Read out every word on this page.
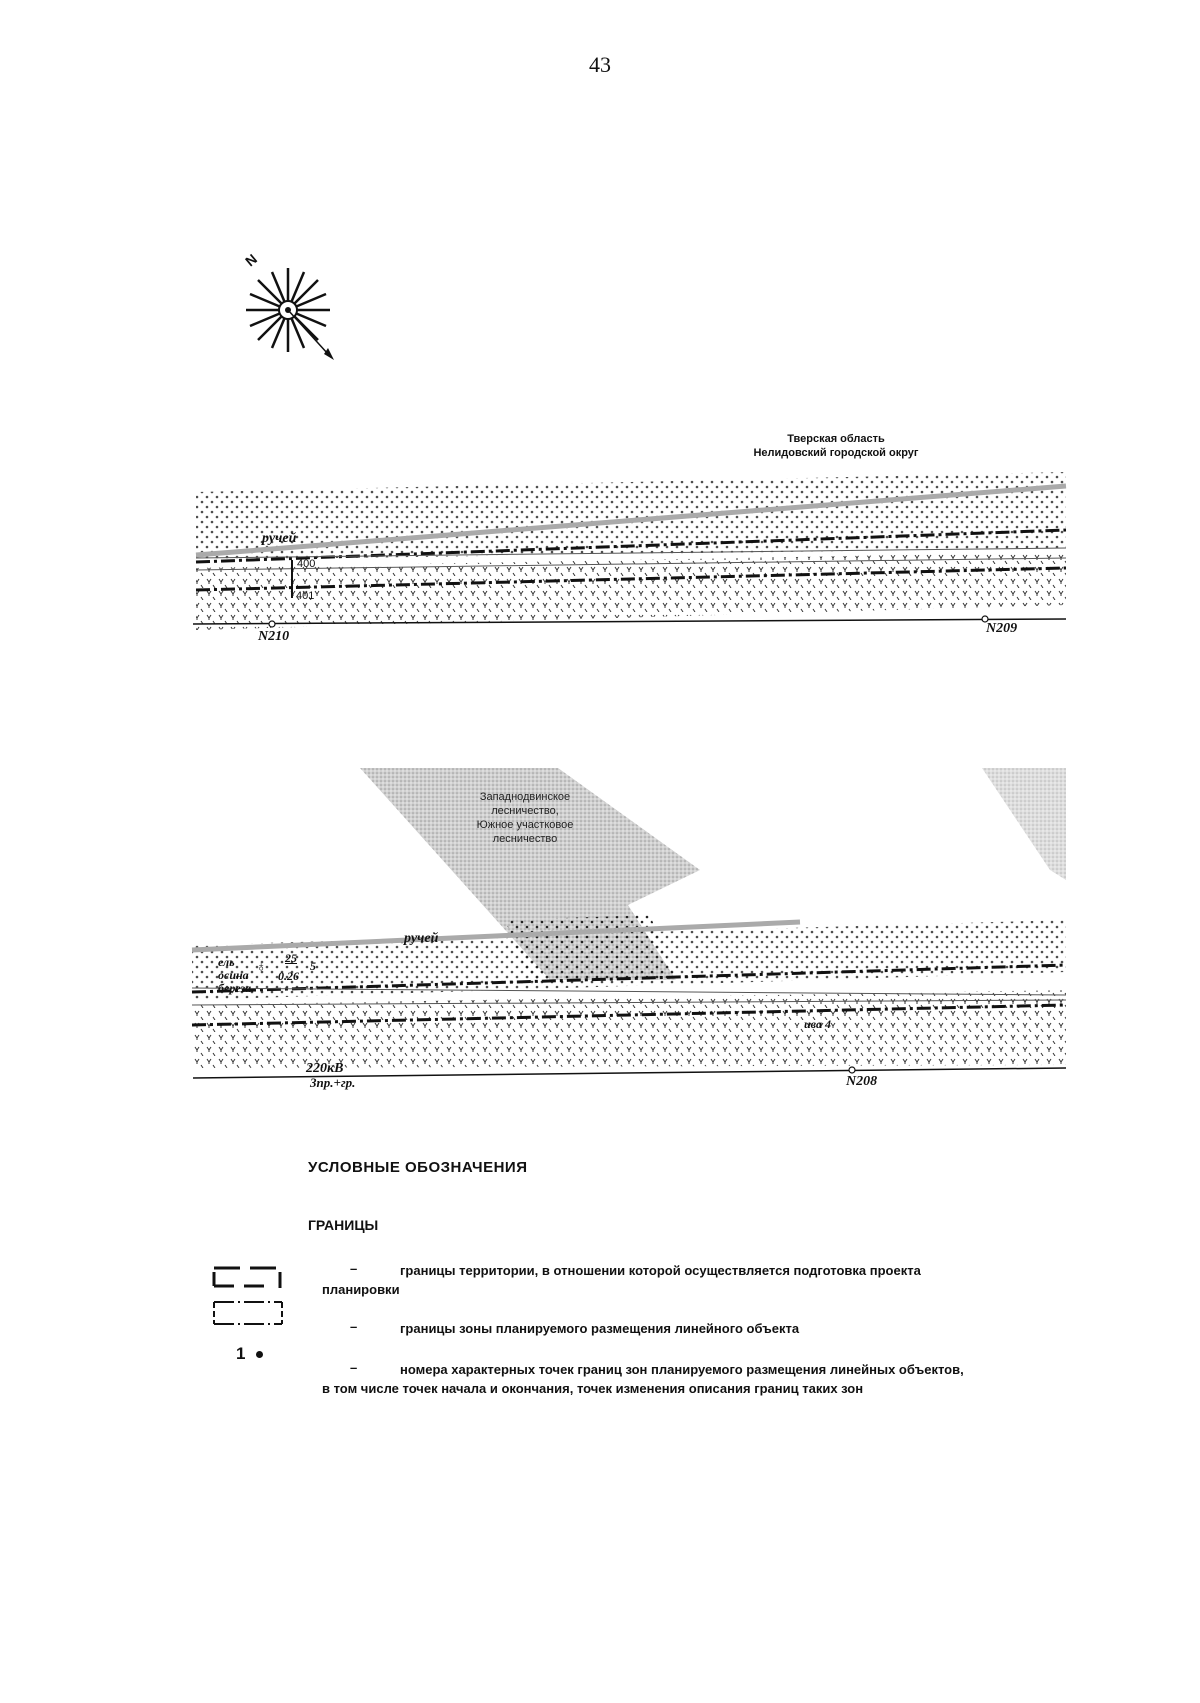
43
N
Тверская область
Нелидовский городской округ
ручей
400
401
N210
N209
Западнодвинское
лесничество,
Южное участковое
лесничество
ручей
ель
осина
береза.
♁ 25
5
0.26
ива 4
220кВ
3пр.+гр.	N208
УСЛОВНЫЕ ОБОЗНАЧЕНИЯ
ГРАНИЦЫ
–	границы территории, в отношении которой осуществляется подготовка проекта
планировки
–	границы зоны планируемого размещения линейного объекта
1
–	номера характерных точек границ зон планируемого размещения линейных объектов,
в том числе точек начала и окончания, точек изменения описания границ таких зон
